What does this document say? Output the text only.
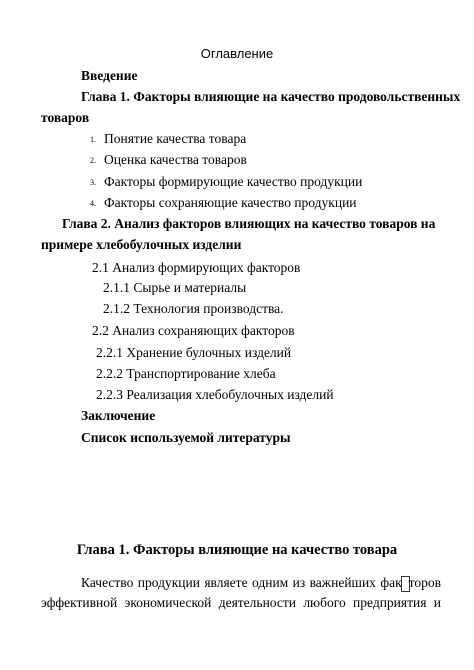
Оглавление
Введение
Глава 1. Факторы влияющие на качество продовольственных
товаров
1. Понятие качества товара
2. Оценка качества товаров
3. Факторы формирующие качество продукции
4. Факторы сохраняющие качество продукции
Глава 2. Анализ факторов влияющих на качество товаров на
примере хлебобулочных изделии
2.1 Анализ формирующих факторов
2.1.1 Сырье и материалы
2.1.2 Технология производства.
2.2 Анализ сохраняющих факторов
2.2.1 Хранение булочных изделий
2.2.2 Транспортирование хлеба
2.2.3 Реализация хлебобулочных изделий
Заключение
Список используемой литературы
Глава 1. Факторы влияющие на качество товара
Качество продукции являете одним из важнейших фак торов
эффективной экономической деятельности любого предприятия и
